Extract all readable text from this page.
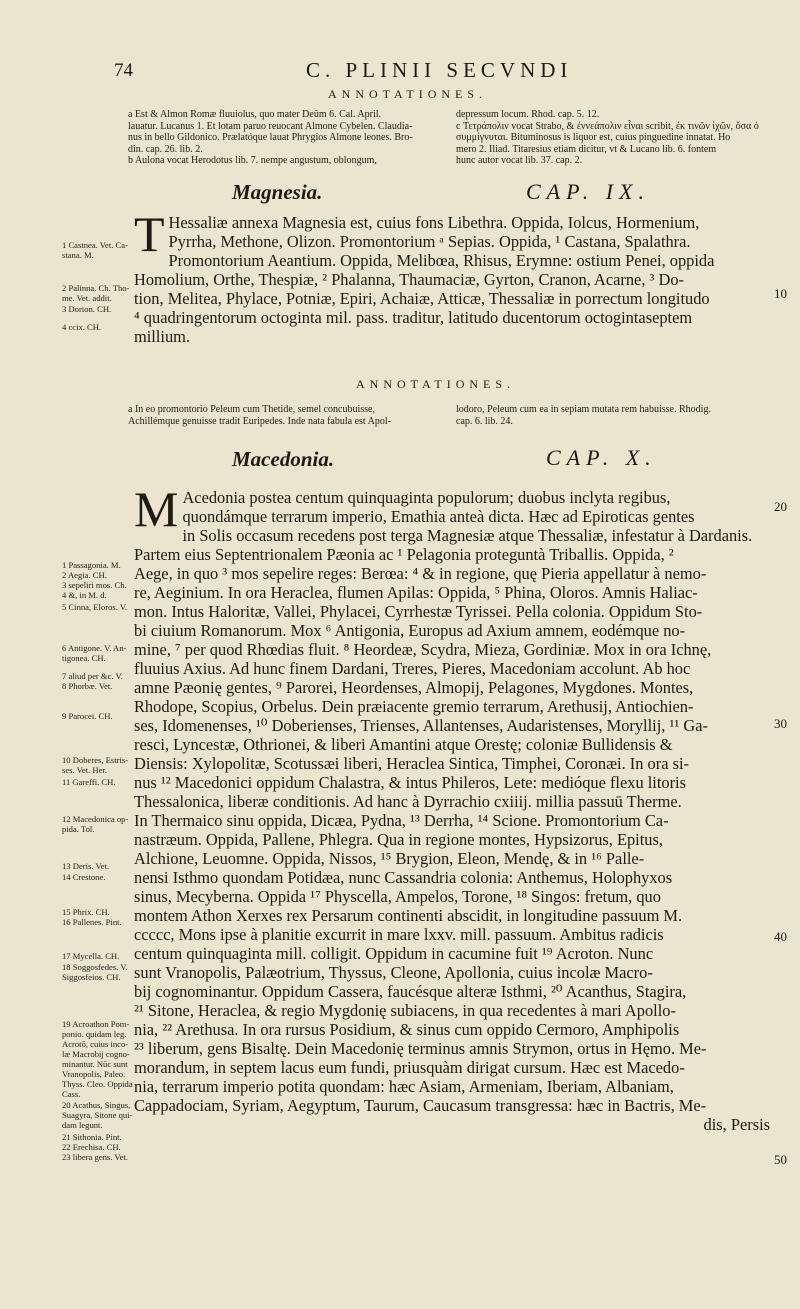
74	C. PLINII SECVNDI
ANNOTATIONES.

a Est & Almon Romæ fluuiolus, quo mater Deûm 6. Cal. April.

lauatur. Lucanus 1. Et lotam paruo reuocant Almone Cybelen. Claudia-

nus in bello Gildonico. Prælatóque lauat Phrygios Almone leones. Bro-

din. cap. 26. lib. 2.

b Aulona vocat Herodotus lib. 7. nempe angustum, oblongum,

depressum locum. Rhod. cap. 5. 12.

c Τετράπολιν vocat Strabo, & ἐννεάπολιν εἶναι scribit, ἐκ τινῶν ἰχῶν, ὅσα ὁ

συμμίγνυται. Bituminosus is liquor est, cuius pinguedine innatat. Ho

mero 2. Iliad. Titaresius etiam dicitur, vt & Lucano lib. 6. fontem

hunc autor vocat lib. 37. cap. 2.

Magnesia.	CAP. IX.
T Hessaliæ annexa Magnesia est, cuius fons Libethra. Oppida, Iolcus, Hormenium,

Pyrrha, Methone, Olizon. Promontorium ᵃ Sepias. Oppida, ¹ Castana, Spalathra.

Promontorium Aeantium. Oppida, Melibœa, Rhisus, Erymne: ostium Penei, oppida

Homolium, Orthe, Thespiæ, ² Phalanna, Thaumaciæ, Gyrton, Cranon, Acarne, ³ Do-

tion, Melitea, Phylace, Potniæ, Epiri, Achaiæ, Atticæ, Thessaliæ in porrectum longitudo

⁴ quadringentorum octoginta mil. pass. traditur, latitudo ducentorum octogintaseptem

millium.

1 Castnea. Vet. Ca-

stana. M.

2 Palinna. Ch. Tho-

me. Vet. addit.

3 Dorion. CH.

4 ccix. CH.

10
ANNOTATIONES.

a In eo promontorio Peleum cum Thetide, semel concubuisse,

Achillémque genuisse tradit Euripedes. Inde nata fabula est Apol-

lodoro, Peleum cum ea in sepiam mutata rem habuisse. Rhodig.

cap. 6. lib. 24.

Macedonia.	CAP. X.
M Acedonia postea centum quinquaginta populorum; duobus inclyta regibus,

quondámque terrarum imperio, Emathia anteà dicta. Hæc ad Epiroticas gentes

in Solis occasum recedens post terga Magnesiæ atque Thessaliæ, infestatur à Dardanis.

Partem eius Septentrionalem Pæonia ac ¹ Pelagonia proteguntà Triballis. Oppida, ²

Aege, in quo ³ mos sepelire reges: Berœa: ⁴ & in regione, quę Pieria appellatur à nemo-

re, Aeginium. In ora Heraclea, flumen Apilas: Oppida, ⁵ Phina, Oloros. Amnis Haliac-

mon. Intus Haloritæ, Vallei, Phylacei, Cyrrhestæ Tyrissei. Pella colonia. Oppidum Sto-

bi ciuium Romanorum. Mox ⁶ Antigonia, Europus ad Axium amnem, eodémque no-

mine, ⁷ per quod Rhœdias fluit. ⁸ Heordeæ, Scydra, Mieza, Gordiniæ. Mox in ora Ichnę,

fluuius Axius. Ad hunc finem Dardani, Treres, Pieres, Macedoniam accolunt. Ab hoc

amne Pæonię gentes, ⁹ Parorei, Heordenses, Almopij, Pelagones, Mygdones. Montes,

Rhodope, Scopius, Orbelus. Dein præiacente gremio terrarum, Arethusij, Antiochien-

ses, Idomenenses, ¹⁰ Doberienses, Trienses, Allantenses, Audaristenses, Moryllij, ¹¹ Ga-

resci, Lyncestæ, Othrionei, & liberi Amantini atque Orestę; coloniæ Bullidensis &

Diensis: Xylopolitæ, Scotussæi liberi, Heraclea Sintica, Timphei, Coronæi. In ora si-

nus ¹² Macedonici oppidum Chalastra, & intus Phileros, Lete: medióque flexu litoris

Thessalonica, liberæ conditionis. Ad hanc à Dyrrachio cxiiij. millia passuū Therme.

In Thermaico sinu oppida, Dicæa, Pydna, ¹³ Derrha, ¹⁴ Scione. Promontorium Ca-

nastræum. Oppida, Pallene, Phlegra. Qua in regione montes, Hypsizorus, Epitus,

Alchione, Leuomne. Oppida, Nissos, ¹⁵ Brygion, Eleon, Mendę, & in ¹⁶ Palle-

nensi Isthmo quondam Potidæa, nunc Cassandria colonia: Anthemus, Holophyxos

sinus, Mecyberna. Oppida ¹⁷ Physcella, Ampelos, Torone, ¹⁸ Singos: fretum, quo

montem Athon Xerxes rex Persarum continenti abscidit, in longitudine passuum M.

ccccc, Mons ipse à planitie excurrit in mare lxxv. mill. passuum. Ambitus radicis

centum quinquaginta mill. colligit. Oppidum in cacumine fuit ¹⁹ Acroton. Nunc

sunt Vranopolis, Palæotrium, Thyssus, Cleone, Apollonia, cuius incolæ Macro-

bij cognominantur. Oppidum Cassera, faucésque alteræ Isthmi, ²⁰ Acanthus, Stagira,

²¹ Sitone, Heraclea, & regio Mygdonię subiacens, in qua recedentes à mari Apollo-

nia, ²² Arethusa. In ora rursus Posidium, & sinus cum oppido Cermoro, Amphipolis

²³ liberum, gens Bisaltę. Dein Macedonię terminus amnis Strymon, ortus in Hęmo. Me-

morandum, in septem lacus eum fundi, priusquàm dirigat cursum. Hæc est Macedo-

nia, terrarum imperio potita quondam: hæc Asiam, Armeniam, Iberiam, Albaniam,

Cappadociam, Syriam, Aegyptum, Taurum, Caucasum transgressa: hæc in Bactris, Me-

dis, Persis

1 Passagonia. M.

2 Aegia. CH.

3 sepeliri mos. Ch.

4 &, in M. d.

5 Cinna, Eloros. V.

6 Antigone. V. An-

tigonea. CH.

7 aliud per &c. V.

8 Phorbæ. Vet.

9 Parocei. CH.

10 Doberes, Estris-

ses. Vet. Her.

11 Gareffi. CH.

12 Macedonica op-

pida. Tol.

13 Deris. Vet.

14 Crestone.

15 Phrix. CH.

16 Pallenes. Pint.

17 Mycella. CH.

18 Soggosfedes. V.

Siggosfeios. CH.

19 Acroathon Pom-

ponio. quidam leg.

Acrotō, cuius inco-

læ Macrobij cogno-

minantur. Nūc sunt

Vranopolis, Paleo.

Thyss. Cleo. Oppida

Cass.

20 Acathus, Singus,

Suagyra, Sitone qui-

dam legunt.

21 Sithonia. Pint.

22 Erechisa. CH.

23 libera gens. Vet.

20
30
40
50
